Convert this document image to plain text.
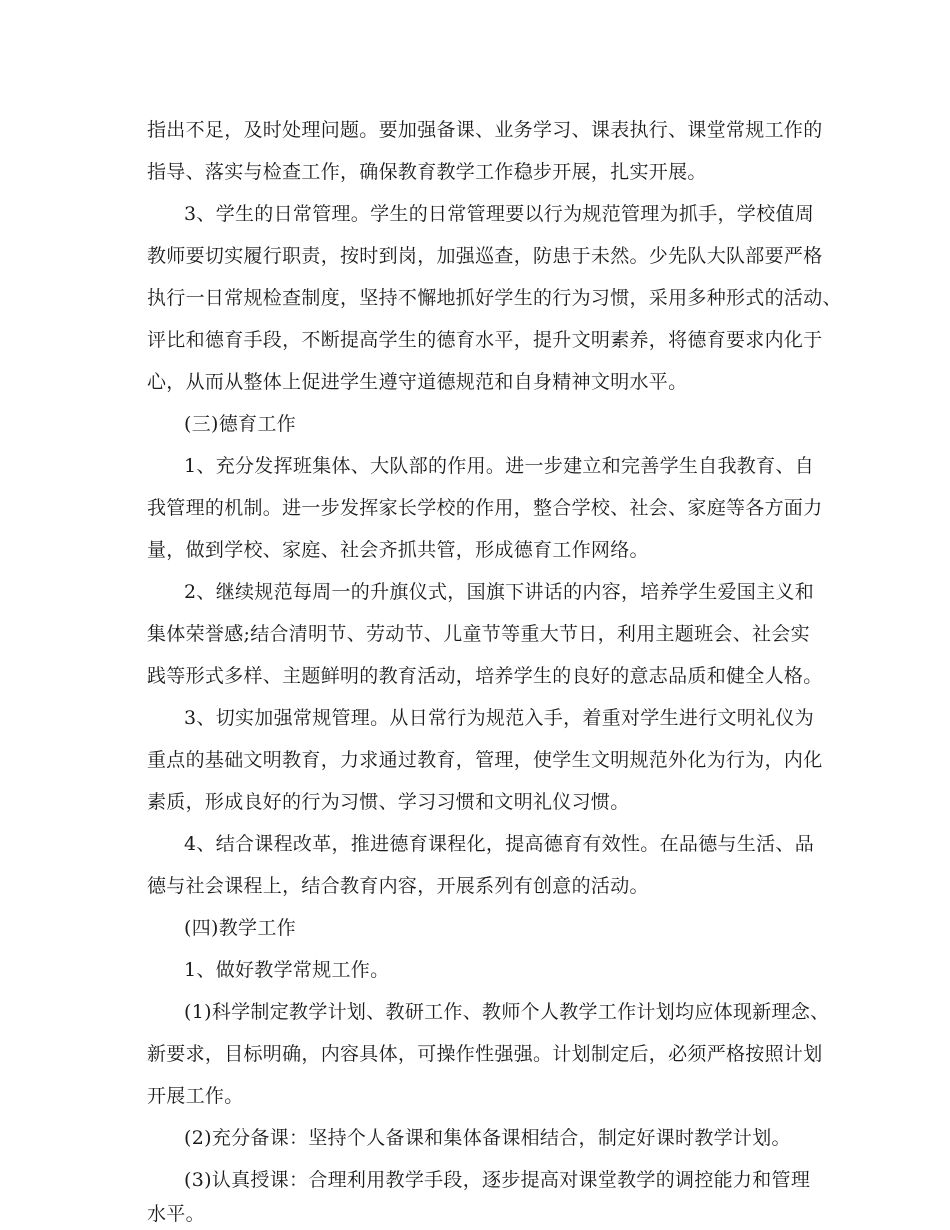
指出不足，及时处理问题。要加强备课、业务学习、课表执行、课堂常规工作的
指导、落实与检查工作，确保教育教学工作稳步开展，扎实开展。
3、学生的日常管理。学生的日常管理要以行为规范管理为抓手，学校值周
教师要切实履行职责，按时到岗，加强巡查，防患于未然。少先队大队部要严格
执行一日常规检查制度，坚持不懈地抓好学生的行为习惯，采用多种形式的活动、
评比和德育手段，不断提高学生的德育水平，提升文明素养，将德育要求内化于
心，从而从整体上促进学生遵守道德规范和自身精神文明水平。
(三)德育工作
1、充分发挥班集体、大队部的作用。进一步建立和完善学生自我教育、自
我管理的机制。进一步发挥家长学校的作用，整合学校、社会、家庭等各方面力
量，做到学校、家庭、社会齐抓共管，形成德育工作网络。
2、继续规范每周一的升旗仪式，国旗下讲话的内容，培养学生爱国主义和
集体荣誉感;结合清明节、劳动节、儿童节等重大节日，利用主题班会、社会实
践等形式多样、主题鲜明的教育活动，培养学生的良好的意志品质和健全人格。
3、切实加强常规管理。从日常行为规范入手，着重对学生进行文明礼仪为
重点的基础文明教育，力求通过教育，管理，使学生文明规范外化为行为，内化
素质，形成良好的行为习惯、学习习惯和文明礼仪习惯。
4、结合课程改革，推进德育课程化，提高德育有效性。在品德与生活、品
德与社会课程上，结合教育内容，开展系列有创意的活动。
(四)教学工作
1、做好教学常规工作。
(1)科学制定教学计划、教研工作、教师个人教学工作计划均应体现新理念、
新要求，目标明确，内容具体，可操作性强强。计划制定后，必须严格按照计划
开展工作。
(2)充分备课：坚持个人备课和集体备课相结合，制定好课时教学计划。
(3)认真授课：合理利用教学手段，逐步提高对课堂教学的调控能力和管理
水平。
